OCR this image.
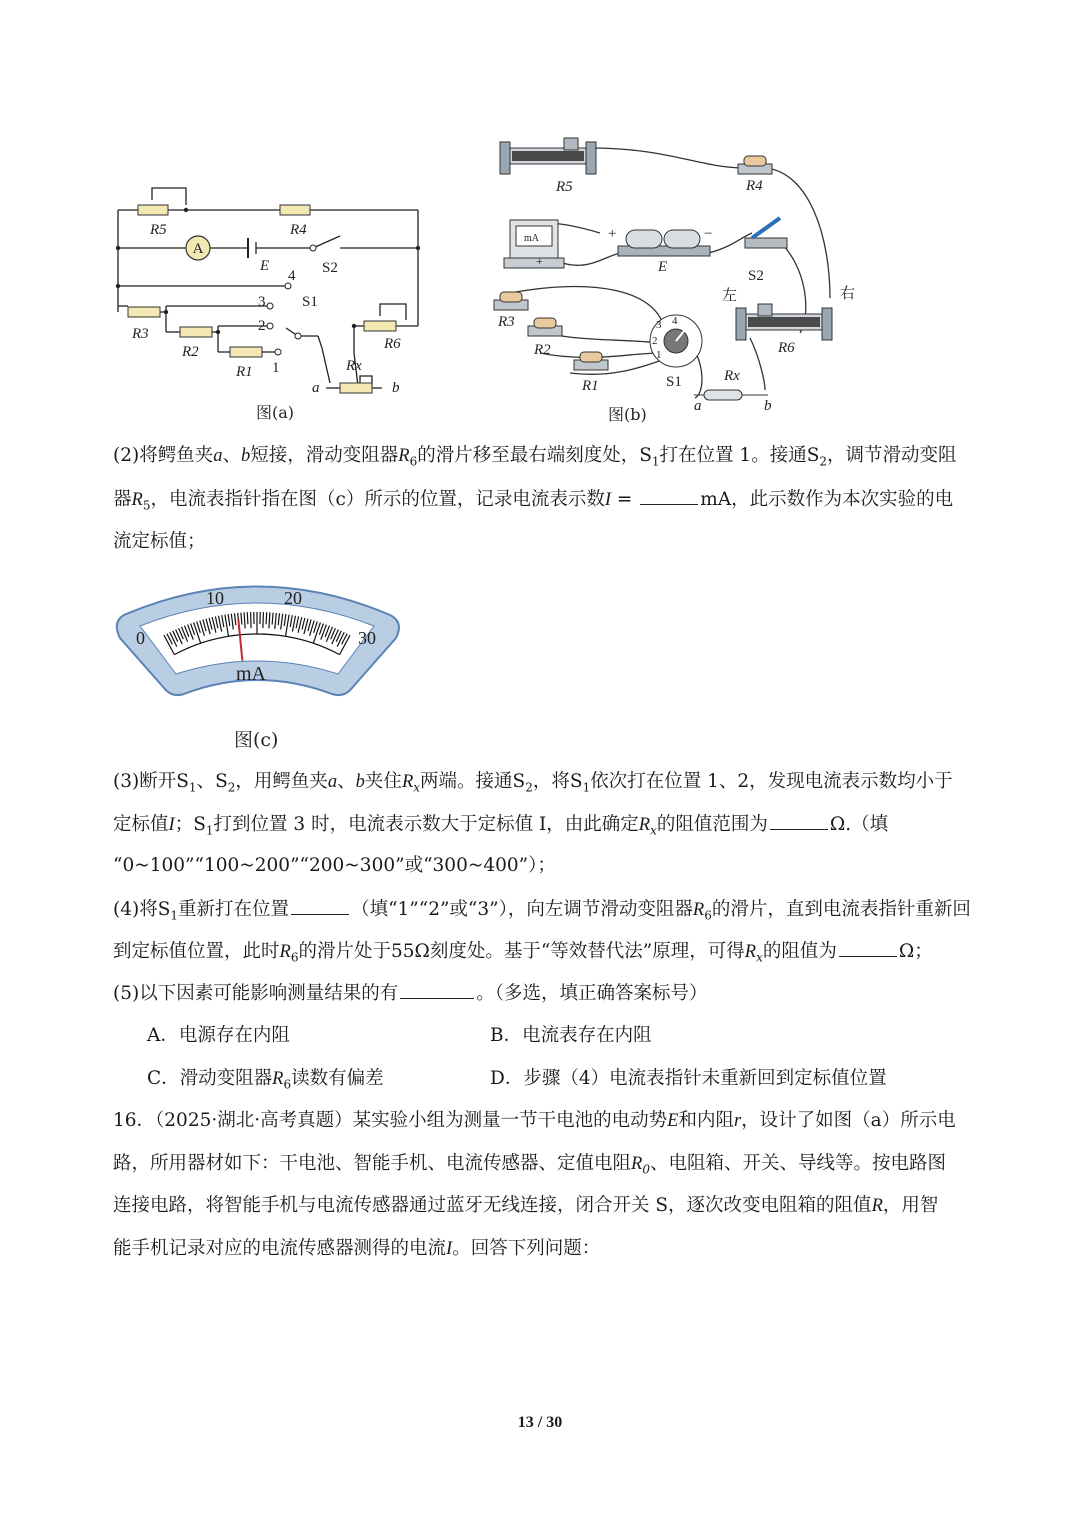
A
R5	R4
E	S2
S1
4
3
2
1
R3
R2
R1
R6
Rx
a	b
图(a)
R5	R4
mA
+
+	−
E
S2
左	右
R3
R2
R1
R6
S1	Rx
a	b
3 4
2
1
图(b)
(2)将鳄鱼夹a、b短接，滑动变阻器$R_6$的滑片移至最右端刻度处，$S_1$打在位置 1。接通$S_2$，调节滑动变阻
器$R_5$，电流表指针指在图（c）所示的位置，记录电流表示数I =	mA，此示数作为本次实验的电
流定标值；
0
10	20
30
mA
图(c)
(3)断开$S_1$、$S_2$，用鳄鱼夹a、b夹住$R_x$两端。接通$S_2$，将$S_1$依次打在位置 1、2，发现电流表示数均小于
定标值I；$S_1$打到位置 3 时，电流表示数大于定标值 I，由此确定$R_x$的阻值范围为	Ω.（填
“0~100”“100~200”“200~300”或“300~400”）；
(4)将$S_1$重新打在位置	（填“1”“2”或“3”），向左调节滑动变阻器$R_6$的滑片，直到电流表指针重新回
到定标值位置，此时$R_6$的滑片处于55Ω刻度处。基于“等效替代法”原理，可得$R_x$的阻值为	Ω；
(5)以下因素可能影响测量结果的有	。（多选，填正确答案标号）
A．电源存在内阻	B．电流表存在内阻
C．滑动变阻器$R_6$读数有偏差	D．步骤（4）电流表指针未重新回到定标值位置
16．（2025·湖北·高考真题）某实验小组为测量一节干电池的电动势E和内阻r，设计了如图（a）所示电
路，所用器材如下：干电池、智能手机、电流传感器、定值电阻$R_0$、电阻箱、开关、导线等。按电路图
连接电路，将智能手机与电流传感器通过蓝牙无线连接，闭合开关 S，逐次改变电阻箱的阻值R，用智
能手机记录对应的电流传感器测得的电流I。回答下列问题：
13 / 30
